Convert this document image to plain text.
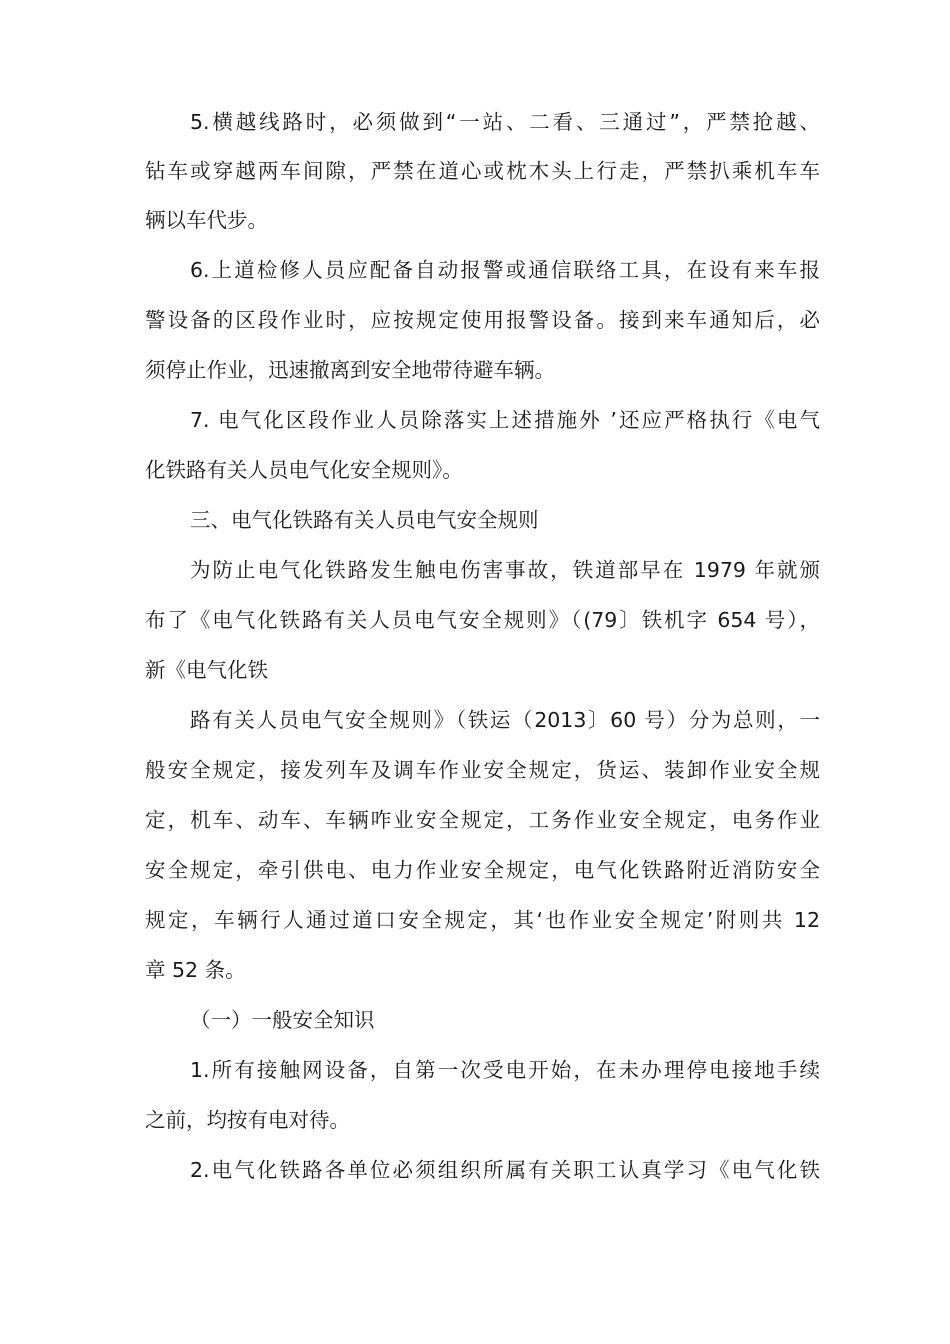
5.横越线路时，必须做到“一站、二看、三通过”，严禁抢越、
钻车或穿越两车间隙，严禁在道心或枕木头上行走，严禁扒乘机车车
辆以车代步。
6.上道检修人员应配备自动报警或通信联络工具，在设有来车报
警设备的区段作业时，应按规定使用报警设备。接到来车通知后，必
须停止作业，迅速撤离到安全地带待避车辆。
7. 电气化区段作业人员除落实上述措施外 ’还应严格执行《电气
化铁路有关人员电气化安全规则》。
三、电气化铁路有关人员电气安全规则
为防止电气化铁路发生触电伤害事故，铁道部早在 1979 年就颁
布了《电气化铁路有关人员电气安全规则》（(79〕铁机字 654 号），
新《电气化铁
路有关人员电气安全规则》（铁运（2013〕60 号）分为总则，一
般安全规定，接发列车及调车作业安全规定，货运、装卸作业安全规
定，机车、动车、车辆咋业安全规定，工务作业安全规定，电务作业
安全规定，牵引供电、电力作业安全规定，电气化铁路附近消防安全
规定，车辆行人通过道口安全规定，其‘也作业安全规定’附则共 12
章 52 条。
（一）一般安全知识
1.所有接触网设备，自第一次受电开始，在未办理停电接地手续
之前，均按有电对待。
2.电气化铁路各单位必须组织所属有关职工认真学习《电气化铁
